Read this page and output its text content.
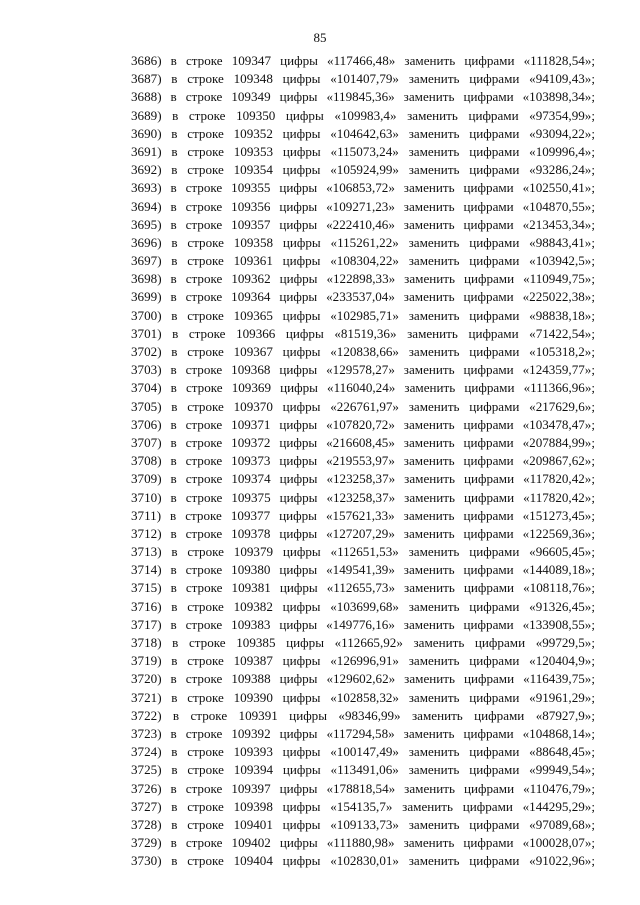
85
3686) в строке 109347 цифры «117466,48» заменить цифрами «111828,54»;
3687) в строке 109348 цифры «101407,79» заменить цифрами «94109,43»;
3688) в строке 109349 цифры «119845,36» заменить цифрами «103898,34»;
3689) в строке 109350 цифры «109983,4» заменить цифрами «97354,99»;
3690) в строке 109352 цифры «104642,63» заменить цифрами «93094,22»;
3691) в строке 109353 цифры «115073,24» заменить цифрами «109996,4»;
3692) в строке 109354 цифры «105924,99» заменить цифрами «93286,24»;
3693) в строке 109355 цифры «106853,72» заменить цифрами «102550,41»;
3694) в строке 109356 цифры «109271,23» заменить цифрами «104870,55»;
3695) в строке 109357 цифры «222410,46» заменить цифрами «213453,34»;
3696) в строке 109358 цифры «115261,22» заменить цифрами «98843,41»;
3697) в строке 109361 цифры «108304,22» заменить цифрами «103942,5»;
3698) в строке 109362 цифры «122898,33» заменить цифрами «110949,75»;
3699) в строке 109364 цифры «233537,04» заменить цифрами «225022,38»;
3700) в строке 109365 цифры «102985,71» заменить цифрами «98838,18»;
3701) в строке 109366 цифры «81519,36» заменить цифрами «71422,54»;
3702) в строке 109367 цифры «120838,66» заменить цифрами «105318,2»;
3703) в строке 109368 цифры «129578,27» заменить цифрами «124359,77»;
3704) в строке 109369 цифры «116040,24» заменить цифрами «111366,96»;
3705) в строке 109370 цифры «226761,97» заменить цифрами «217629,6»;
3706) в строке 109371 цифры «107820,72» заменить цифрами «103478,47»;
3707) в строке 109372 цифры «216608,45» заменить цифрами «207884,99»;
3708) в строке 109373 цифры «219553,97» заменить цифрами «209867,62»;
3709) в строке 109374 цифры «123258,37» заменить цифрами «117820,42»;
3710) в строке 109375 цифры «123258,37» заменить цифрами «117820,42»;
3711) в строке 109377 цифры «157621,33» заменить цифрами «151273,45»;
3712) в строке 109378 цифры «127207,29» заменить цифрами «122569,36»;
3713) в строке 109379 цифры «112651,53» заменить цифрами «96605,45»;
3714) в строке 109380 цифры «149541,39» заменить цифрами «144089,18»;
3715) в строке 109381 цифры «112655,73» заменить цифрами «108118,76»;
3716) в строке 109382 цифры «103699,68» заменить цифрами «91326,45»;
3717) в строке 109383 цифры «149776,16» заменить цифрами «133908,55»;
3718) в строке 109385 цифры «112665,92» заменить цифрами «99729,5»;
3719) в строке 109387 цифры «126996,91» заменить цифрами «120404,9»;
3720) в строке 109388 цифры «129602,62» заменить цифрами «116439,75»;
3721) в строке 109390 цифры «102858,32» заменить цифрами «91961,29»;
3722) в строке 109391 цифры «98346,99» заменить цифрами «87927,9»;
3723) в строке 109392 цифры «117294,58» заменить цифрами «104868,14»;
3724) в строке 109393 цифры «100147,49» заменить цифрами «88648,45»;
3725) в строке 109394 цифры «113491,06» заменить цифрами «99949,54»;
3726) в строке 109397 цифры «178818,54» заменить цифрами «110476,79»;
3727) в строке 109398 цифры «154135,7» заменить цифрами «144295,29»;
3728) в строке 109401 цифры «109133,73» заменить цифрами «97089,68»;
3729) в строке 109402 цифры «111880,98» заменить цифрами «100028,07»;
3730) в строке 109404 цифры «102830,01» заменить цифрами «91022,96»;
